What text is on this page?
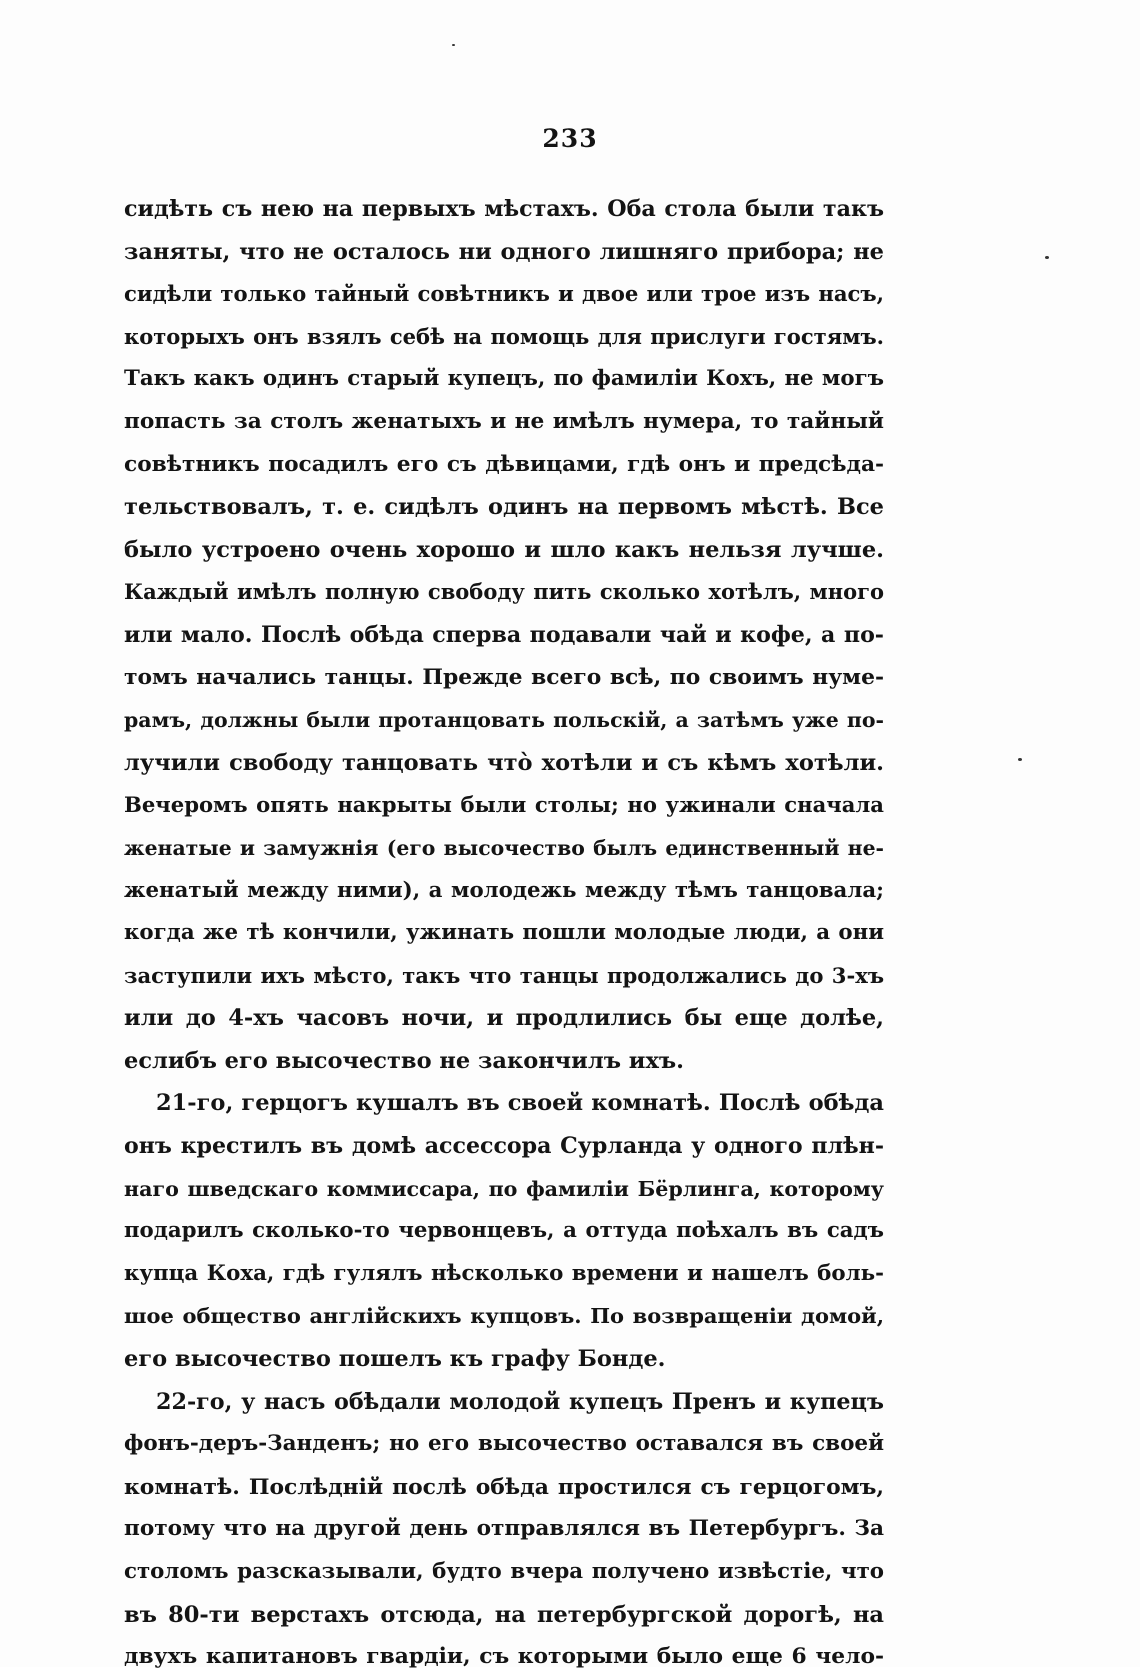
233
сидѣть съ нею на первыхъ мѣстахъ. Оба стола были такъ
заняты, что не осталось ни одного лишняго прибора; не
сидѣли только тайный совѣтникъ и двое или трое изъ насъ,
которыхъ онъ взялъ себѣ на помощь для прислуги гостямъ.
Такъ какъ одинъ старый купецъ, по фамиліи Кохъ, не могъ
попасть за столъ женатыхъ и не имѣлъ нумера, то тайный
совѣтникъ посадилъ его съ дѣвицами, гдѣ онъ и предсѣда-
тельствовалъ, т. е. сидѣлъ одинъ на первомъ мѣстѣ. Все
было устроено очень хорошо и шло какъ нельзя лучше.
Каждый имѣлъ полную свободу пить сколько хотѣлъ, много
или мало. Послѣ обѣда сперва подавали чай и кофе, а по-
томъ начались танцы. Прежде всего всѣ, по своимъ нуме-
рамъ, должны были протанцовать польскій, а затѣмъ уже по-
лучили свободу танцовать что̀ хотѣли и съ кѣмъ хотѣли.
Вечеромъ опять накрыты были столы; но ужинали сначала
женатые и замужнія (его высочество былъ единственный не-
женатый между ними), а молодежь между тѣмъ танцовала;
когда же тѣ кончили, ужинать пошли молодые люди, а они
заступили ихъ мѣсто, такъ что танцы продолжались до 3-хъ
или до 4-хъ часовъ ночи, и продлились бы еще долѣе,
еслибъ его высочество не закончилъ ихъ.
21-го, герцогъ кушалъ въ своей комнатѣ. Послѣ обѣда
онъ крестилъ въ домѣ ассессора Сурланда у одного плѣн-
наго шведскаго коммиссара, по фамиліи Бёрлинга, которому
подарилъ сколько-то червонцевъ, а оттуда поѣхалъ въ садъ
купца Коха, гдѣ гулялъ нѣсколько времени и нашелъ боль-
шое общество англійскихъ купцовъ. По возвращеніи домой,
его высочество пошелъ къ графу Бонде.
22-го, у насъ обѣдали молодой купецъ Пренъ и купецъ
фонъ-деръ-Занденъ; но его высочество оставался въ своей
комнатѣ. Послѣдній послѣ обѣда простился съ герцогомъ,
потому что на другой день отправлялся въ Петербургъ. За
столомъ разсказывали, будто вчера получено извѣстіе, что
въ 80-ти верстахъ отсюда, на петербургской дорогѣ, на
двухъ капитановъ гвардіи, съ которыми было еще 6 чело-
